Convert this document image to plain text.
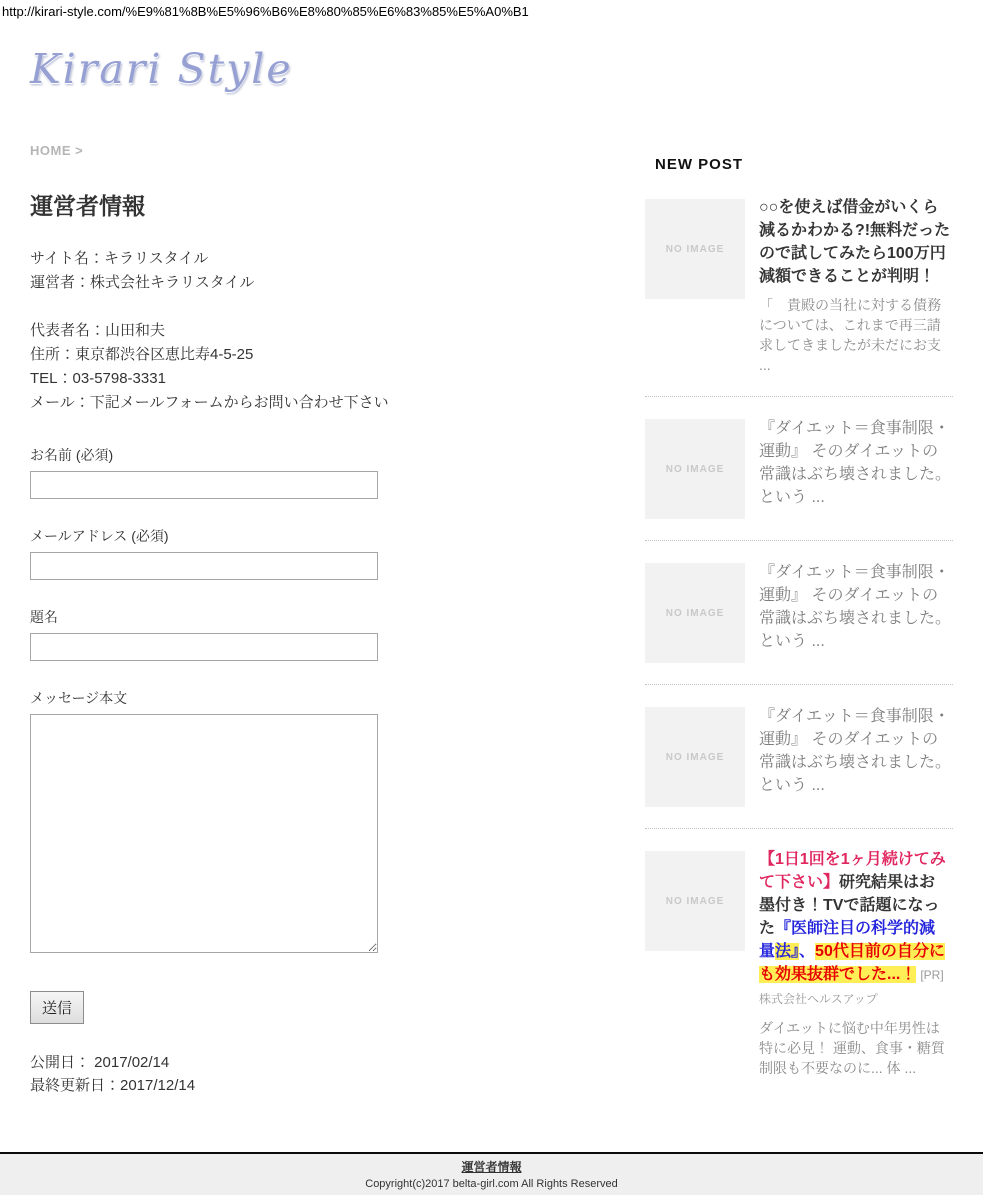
http://kirari-style.com/%E9%81%8B%E5%96%B6%E8%80%85%E6%83%85%E5%A0%B1
Kirari Style
HOME >
運営者情報

サイト名：キラリスタイル

運営者：株式会社キラリスタイル

代表者名：山田和夫

住所：東京都渋谷区恵比寿4-5-25

TEL：03-5798-3331

メール：下記メールフォームからお問い合わせ下さい

お名前 (必須)
メールアドレス (必須)
題名
メッセージ本文
送信

公開日： 2017/02/14

最終更新日：2017/12/14

NEW POST
NO IMAGE

○○を使えば借金がいくら減るかわかる?!無料だったので試してみたら100万円減額できることが判明！

「　貴殿の当社に対する債務については、これまで再三請求してきましたが未だにお支 ...

NO IMAGE

『ダイエット＝食事制限・運動』 そのダイエットの常識はぶち壊されました。 という ...

NO IMAGE

『ダイエット＝食事制限・運動』 そのダイエットの常識はぶち壊されました。 という ...

NO IMAGE

『ダイエット＝食事制限・運動』 そのダイエットの常識はぶち壊されました。 という ...

NO IMAGE

【1日1回を1ヶ月続けてみて下さい】研究結果はお墨付き！TVで話題になった『医師注目の科学的減量法』、50代目前の自分にも効果抜群でした...！ [PR] 株式会社ヘルスアップ

ダイエットに悩む中年男性は特に必見！ 運動、食事・糖質制限も不要なのに... 体 ...

運営者情報
Copyright(c)2017 belta-girl.com All Rights Reserved
